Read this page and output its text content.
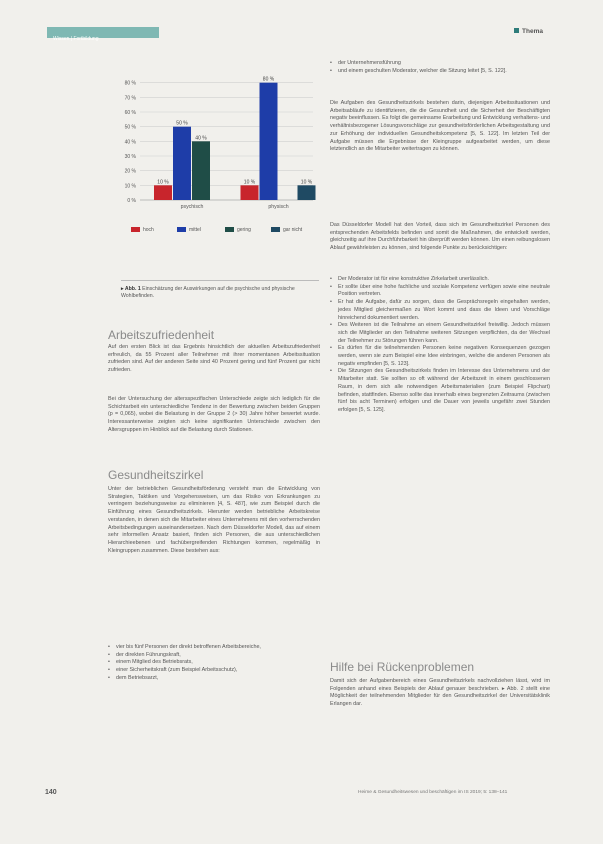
Wissen | Fortbildung
Thema
0 %
10 %
20 %
30 %
40 %
50 %
60 %
70 %
80 %
10 %
50 %
40 %
psychisch
10 %
80 %
10 %
physisch
hoch	mittel	gering	gar nicht
▸ Abb. 1 Einschätzung der Auswirkungen auf die psychische und physische Wohlbefinden.
Arbeitszufriedenheit
Auf den ersten Blick ist das Ergebnis hinsichtlich der aktuellen Arbeitszufriedenheit erfreulich, da 55 Prozent aller Teilnehmer mit ihrer momentanen Arbeitssituation zufrieden sind. Auf der anderen Seite sind 40 Prozent gering und fünf Prozent gar nicht zufrieden.
Bei der Untersuchung der altersspezifischen Unterschiede zeigte sich lediglich für die Schichtarbeit ein unterschiedliche Tendenz in der Bewertung zwischen beiden Gruppen (p = 0,065), wobei die Belastung in der Gruppe 2 (> 30) Jahre höher bewertet wurde. Interessanterweise zeigten sich keine signifikanten Unterschiede zwischen den Altersgruppen im Hinblick auf die Belastung durch Stationen.
Gesundheitszirkel
Unter der betrieblichen Gesundheitsförderung versteht man die Entwicklung von Strategien, Taktiken und Vorgehensweisen, um das Risiko von Erkrankungen zu verringern beziehungsweise zu eliminieren [4, S. 487], wie zum Beispiel durch die Einführung eines Gesundheitszirkels. Hierunter werden betriebliche Arbeitskreise verstanden, in denen sich die Mitarbeiter eines Unternehmens mit den vorherrschenden Arbeitsbedingungen auseinandersetzen. Nach dem Düsseldorfer Modell, das auf einem sehr informellen Ansatz basiert, finden sich Personen, die aus unterschiedlichen Hierarchieebenen und fachübergreifenden Richtungen kommen, regelmäßig in Kleingruppen zusammen. Diese bestehen aus:
• vier bis fünf Personen der direkt betroffenen Arbeitsbereiche,
• der direkten Führungskraft,
• einem Mitglied des Betriebsrats,
• einer Sicherheitskraft (zum Beispiel Arbeitsschutz),
• dem Betriebsarzt,
• der Unternehmensführung
• und einem geschulten Moderator, welcher die Sitzung leitet [5, S. 122].
Die Aufgaben des Gesundheitszirkels bestehen darin, diejenigen Arbeitssituationen und Arbeitsabläufe zu identifizieren, die die Gesundheit und die Sicherheit der Beschäftigten negativ beeinflussen. Es folgt die gemeinsame Erarbeitung und Entwicklung verhaltens- und verhältnisbezogener Lösungsvorschläge zur gesundheitsförderlichen Arbeitsgestaltung und zur Erhöhung der individuellen Gesundheitskompetenz [5, S. 122]. Im letzten Teil der Aufgabe müssen die Ergebnisse der Kleingruppe aufgearbeitet werden, um diese letztendlich an die Mitarbeiter weitertragen zu können.
Das Düsseldorfer Modell hat den Vorteil, dass sich im Gesundheitszirkel Personen des entsprechenden Arbeitsfelds befinden und somit die Maßnahmen, die entwickelt werden, gleichzeitig auf ihre Durchführbarkeit hin überprüft werden können. Um einen reibungslosen Ablauf gewährleisten zu können, sind folgende Punkte zu berücksichtigen:
• Der Moderator ist für eine konstruktive Zirkelarbeit unerlässlich.
• Er sollte über eine hohe fachliche und soziale Kompetenz verfügen sowie eine neutrale Position vertreten.
• Er hat die Aufgabe, dafür zu sorgen, dass die Gesprächsregeln eingehalten werden, jedes Mitglied gleichermaßen zu Wort kommt und dass die Ideen und Vorschläge hinreichend dokumentiert werden.
• Des Weiteren ist die Teilnahme an einem Gesundheitszirkel freiwillig. Jedoch müssen sich die Mitglieder an den Teilnahme weiteren Sitzungen verpflichten, da der Wechsel der Teilnehmer zu Störungen führen kann.
• Es dürfen für die teilnehmenden Personen keine negativen Konsequenzen gezogen werden, wenn sie zum Beispiel eine Idee einbringen, welche die anderen Personen als negativ empfinden [5, S. 123].
• Die Sitzungen des Gesundheitszirkels finden im Interesse des Unternehmens und der Mitarbeiter statt. Sie sollten so oft während der Arbeitszeit in einem geschlossenen Raum, in dem sich alle notwendigen Arbeitsmaterialien (zum Beispiel Flipchart) befinden, stattfinden. Ebenso sollte das innerhalb eines begrenzten Zeitraums (zwischen fünf bis acht Terminen) erfolgen und die Dauer von jeweils ungefähr zwei Stunden erfolgen [5, S. 125].
Hilfe bei Rückenproblemen
Damit sich der Aufgabenbereich eines Gesundheitszirkels nachvollziehen lässt, wird im Folgenden anhand eines Beispiels der Ablauf genauer beschrieben. ▸ Abb. 2 stellt eine Möglichkeit der teilnehmenden Mitglieder für den Gesundheitszirkel der Universitätsklinik Erlangen dar.
140	Heime & Gesundheitswesen und beschäftigen im IS 2019; 5: 138–141
